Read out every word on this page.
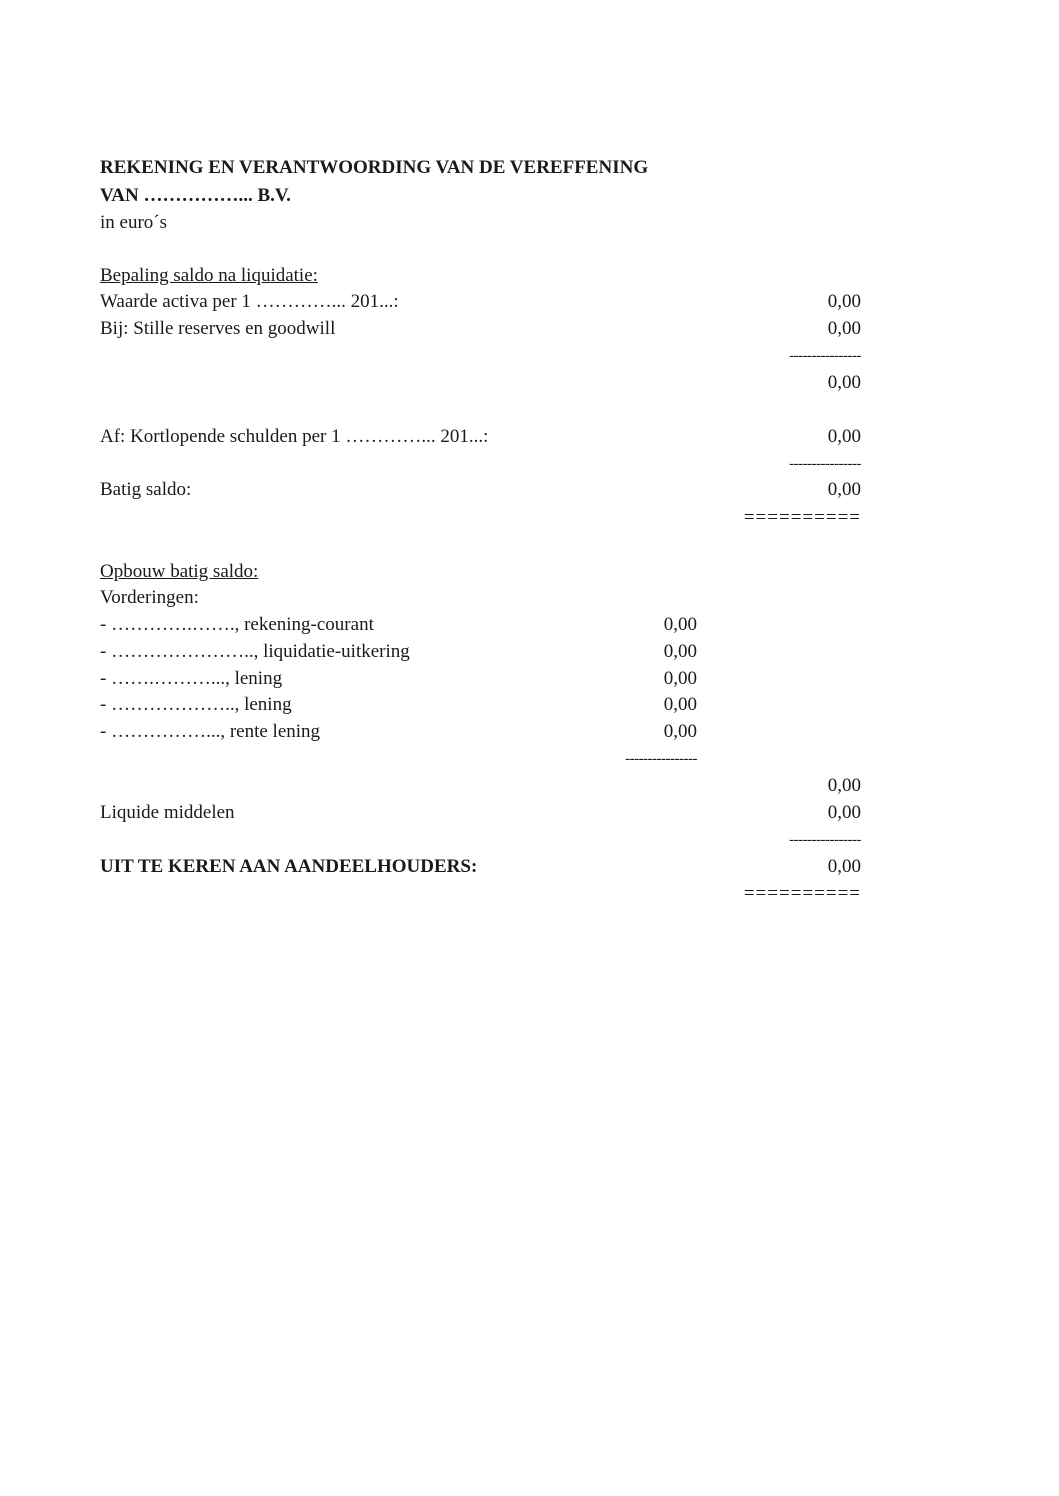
REKENING EN VERANTWOORDING VAN DE VEREFFENING
VAN ……………... B.V.
in euro´s
Bepaling saldo na liquidatie:
Waarde activa per 1 …………... 201...:	0,00
Bij: Stille reserves en goodwill	0,00
----------------
0,00
Af: Kortlopende schulden per 1 …………... 201...:	0,00
----------------
Batig saldo:	0,00
==========
Opbouw batig saldo:
Vorderingen:
- ………….……., rekening-courant	0,00
- ………………….., liquidatie-uitkering	0,00
- …….………..., lening	0,00
- ……………….., lening	0,00
- ……………..., rente lening	0,00
----------------
0,00
Liquide middelen	0,00
----------------
UIT TE KEREN AAN AANDEELHOUDERS:	0,00
==========
